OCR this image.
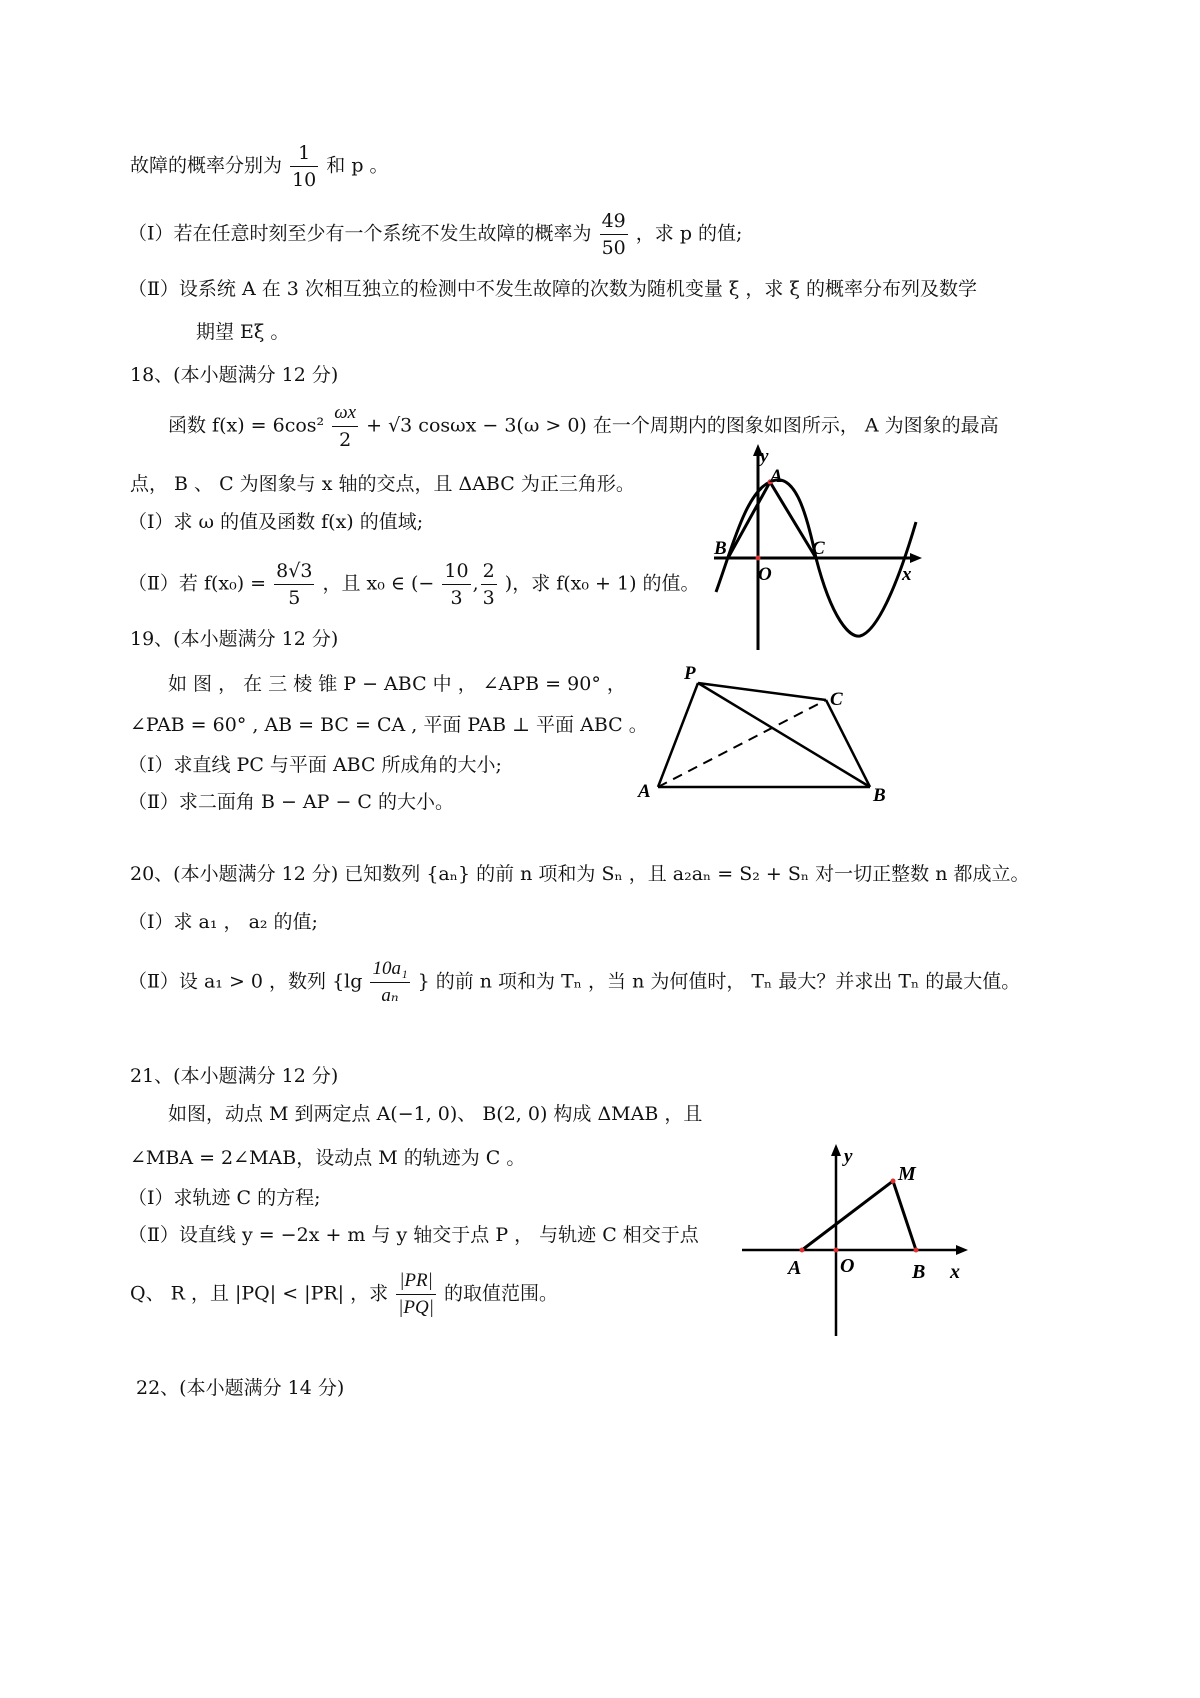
故障的概率分别为 $\frac{1}{10}$ 和 p 。
（Ⅰ）若在任意时刻至少有一个系统不发生故障的概率为 $\frac{49}{50}$ ，求 p 的值;
（Ⅱ）设系统 A 在 3 次相互独立的检测中不发生故障的次数为随机变量 ξ ，求 ξ 的概率分布列及数学
期望 Eξ 。
18、(本小题满分 12 分)
函数 $f(x) = 6\cos^2 \frac{\omega x}{2} + √3$ cosωx − 3(ω > 0) 在一个周期内的图象如图所示， A 为图象的最高
点， B 、 C 为图象与 x 轴的交点，且 ΔABC 为正三角形。
（Ⅰ）求 ω 的值及函数 f(x) 的值域;
（Ⅱ）若 $f(x_0) = \frac{8√3}{5}$ ，且 x₀ ∈ (− $\frac{10}{3}$ , $\frac{2}{3}$ )，求 f(x₀ + 1) 的值。
y
A
B	C
O	x
19、(本小题满分 12 分)
如 图 ， 在 三 棱 锥 P − ABC 中 ， ∠APB = 90° ，
∠PAB = 60° , AB = BC = CA , 平面 PAB ⊥ 平面 ABC 。
（Ⅰ）求直线 PC 与平面 ABC 所成角的大小;
（Ⅱ）求二面角 B − AP − C 的大小。
P
C
A	B
20、(本小题满分 12 分) 已知数列 {aₙ} 的前 n 项和为 Sₙ ，且 a₂aₙ = S₂ + Sₙ 对一切正整数 n 都成立。
（Ⅰ）求 a₁ ， a₂ 的值;
（Ⅱ）设 a₁ > 0 ，数列 {$\lg \frac{\text{10a₁}}{\text{aₙ}}$ } 的前 n 项和为 Tₙ ，当 n 为何值时， Tₙ 最大？并求出 Tₙ 的最大值。
21、(本小题满分 12 分)
如图，动点 M 到两定点 A(−1, 0)、 B(2, 0) 构成 ΔMAB ，且
∠MBA = 2∠MAB，设动点 M 的轨迹为 C 。
（Ⅰ）求轨迹 C 的方程;
（Ⅱ）设直线 y = −2x + m 与 y 轴交于点 P ， 与轨迹 C 相交于点
Q、 R ，且 |PQ| < |PR| ，求 $\frac{|PR|}{|PQ|}$ 的取值范围。
y
M
A O	B x
22、(本小题满分 14 分)
